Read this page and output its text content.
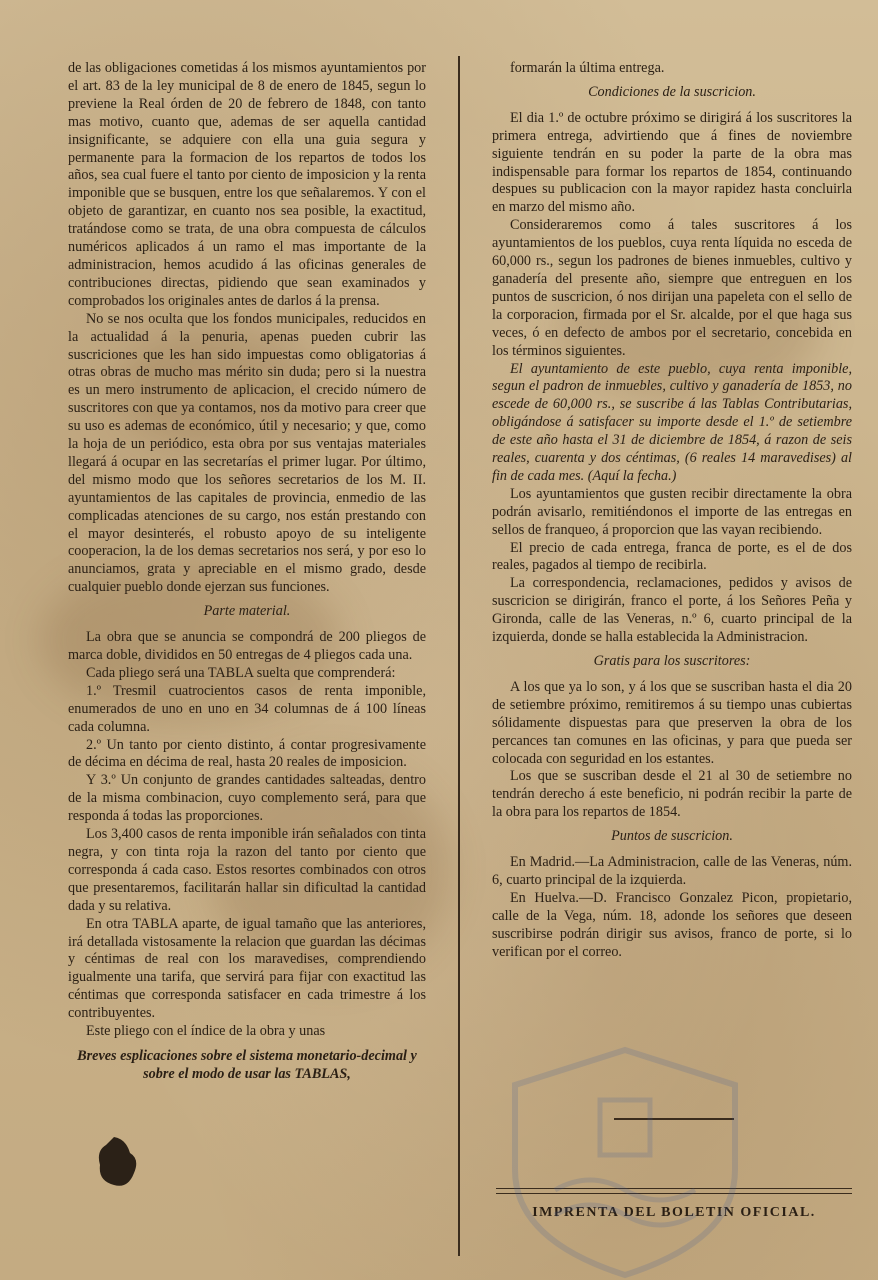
de las obligaciones cometidas á los mismos ayuntamientos por el art. 83 de la ley municipal de 8 de enero de 1845, segun lo previene la Real órden de 20 de febrero de 1848, con tanto mas motivo, cuanto que, ademas de ser aquella cantidad insignificante, se adquiere con ella una guia segura y permanente para la formacion de los repartos de todos los años, sea cual fuere el tanto por ciento de imposicion y la renta imponible que se busquen, entre los que señalaremos. Y con el objeto de garantizar, en cuanto nos sea posible, la exactitud, tratándose como se trata, de una obra compuesta de cálculos numéricos aplicados á un ramo el mas importante de la administracion, hemos acudido á las oficinas generales de contribuciones directas, pidiendo que sean examinados y comprobados los originales antes de darlos á la prensa.

No se nos oculta que los fondos municipales, reducidos en la actualidad á la penuria, apenas pueden cubrir las suscriciones que les han sido impuestas como obligatorias á otras obras de mucho mas mérito sin duda; pero si la nuestra es un mero instrumento de aplicacion, el crecido número de suscritores con que ya contamos, nos da motivo para creer que su uso es ademas de económico, útil y necesario; y que, como la hoja de un periódico, esta obra por sus ventajas materiales llegará á ocupar en las secretarías el primer lugar. Por último, del mismo modo que los señores secretarios de los M. II. ayuntamientos de las capitales de provincia, enmedio de las complicadas atenciones de su cargo, nos están prestando con el mayor desinterés, el robusto apoyo de su inteligente cooperacion, la de los demas secretarios nos será, y por eso lo anunciamos, grata y apreciable en el mismo grado, desde cualquier pueblo donde ejerzan sus funciones.

Parte material.

La obra que se anuncia se compondrá de 200 pliegos de marca doble, divididos en 50 entregas de 4 pliegos cada una.

Cada pliego será una TABLA suelta que comprenderá:

1.º Tresmil cuatrocientos casos de renta imponible, enumerados de uno en uno en 34 columnas de á 100 líneas cada columna.

2.º Un tanto por ciento distinto, á contar progresivamente de décima en décima de real, hasta 20 reales de imposicion.

Y 3.º Un conjunto de grandes cantidades salteadas, dentro de la misma combinacion, cuyo complemento será, para que responda á todas las proporciones.

Los 3,400 casos de renta imponible irán señalados con tinta negra, y con tinta roja la razon del tanto por ciento que corresponda á cada caso. Estos resortes combinados con otros que presentaremos, facilitarán hallar sin dificultad la cantidad dada y su relativa.

En otra TABLA aparte, de igual tamaño que las anteriores, irá detallada vistosamente la relacion que guardan las décimas y céntimas de real con los maravedises, comprendiendo igualmente una tarifa, que servirá para fijar con exactitud las céntimas que corresponda satisfacer en cada trimestre á los contribuyentes.

Este pliego con el índice de la obra y unas

Breves esplicaciones sobre el sistema monetario-decimal y sobre el modo de usar las TABLAS,

formarán la última entrega.

Condiciones de la suscricion.

El dia 1.º de octubre próximo se dirigirá á los suscritores la primera entrega, advirtiendo que á fines de noviembre siguiente tendrán en su poder la parte de la obra mas indispensable para formar los repartos de 1854, continuando despues su publicacion con la mayor rapidez hasta concluirla en marzo del mismo año.

Consideraremos como á tales suscritores á los ayuntamientos de los pueblos, cuya renta líquida no esceda de 60,000 rs., segun los padrones de bienes inmuebles, cultivo y ganadería del presente año, siempre que entreguen en los puntos de suscricion, ó nos dirijan una papeleta con el sello de la corporacion, firmada por el Sr. alcalde, por el que haga sus veces, ó en defecto de ambos por el secretario, concebida en los términos siguientes.

El ayuntamiento de este pueblo, cuya renta imponible, segun el padron de inmuebles, cultivo y ganadería de 1853, no escede de 60,000 rs., se suscribe á las Tablas Contributarias, obligándose á satisfacer su importe desde el 1.º de setiembre de este año hasta el 31 de diciembre de 1854, á razon de seis reales, cuarenta y dos céntimas, (6 reales 14 maravedises) al fin de cada mes. (Aquí la fecha.)

Los ayuntamientos que gusten recibir directamente la obra podrán avisarlo, remitiéndonos el importe de las entregas en sellos de franqueo, á proporcion que las vayan recibiendo.

El precio de cada entrega, franca de porte, es el de dos reales, pagados al tiempo de recibirla.

La correspondencia, reclamaciones, pedidos y avisos de suscricion se dirigirán, franco el porte, á los Señores Peña y Gironda, calle de las Veneras, n.º 6, cuarto principal de la izquierda, donde se halla establecida la Administracion.

Gratis para los suscritores:

A los que ya lo son, y á los que se suscriban hasta el dia 20 de setiembre próximo, remitiremos á su tiempo unas cubiertas sólidamente dispuestas para que preserven la obra de los percances tan comunes en las oficinas, y para que pueda ser colocada con seguridad en los estantes.

Los que se suscriban desde el 21 al 30 de setiembre no tendrán derecho á este beneficio, ni podrán recibir la parte de la obra para los repartos de 1854.

Puntos de suscricion.

En Madrid.—La Administracion, calle de las Veneras, núm. 6, cuarto principal de la izquierda.

En Huelva.—D. Francisco Gonzalez Picon, propietario, calle de la Vega, núm. 18, adonde los señores que deseen suscribirse podrán dirigir sus avisos, franco de porte, si lo verifican por el correo.

IMPRENTA DEL BOLETIN OFICIAL.
